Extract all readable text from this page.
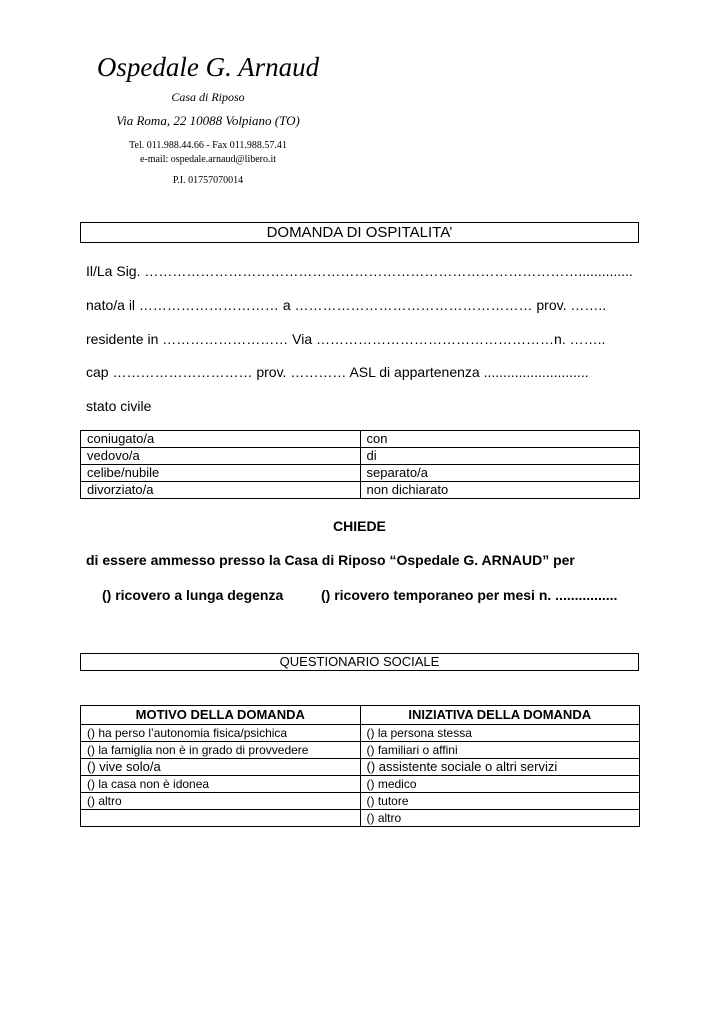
Ospedale G. Arnaud
Casa di Riposo
Via Roma, 22 10088 Volpiano (TO)
Tel. 011.988.44.66 - Fax 011.988.57.41
e-mail: ospedale.arnaud@libero.it
P.I. 01757070014
DOMANDA DI OSPITALITA’
Il/La Sig. …………………………………………………………………………………..............
nato/a il ………………………… a …………………………………………… prov. ……..
residente in ……………………… Via ……………………………………………n. ……..
cap ………………………… prov. ………… ASL di appartenenza ...........................
stato civile
coniugato/a	con
vedovo/a	di
celibe/nubile	separato/a
divorziato/a	non dichiarato
CHIEDE
di essere ammesso presso la Casa di Riposo “Ospedale G. ARNAUD” per
() ricovero a lunga degenza	() ricovero temporaneo per mesi n. ................
QUESTIONARIO SOCIALE
MOTIVO DELLA DOMANDA	INIZIATIVA DELLA DOMANDA
() ha perso l’autonomia fisica/psichica	() la persona stessa
() la famiglia non è in grado di provvedere	() familiari o affini
() vive solo/a	() assistente sociale o altri servizi
() la casa non è idonea	() medico
() altro	() tutore
	() altro
